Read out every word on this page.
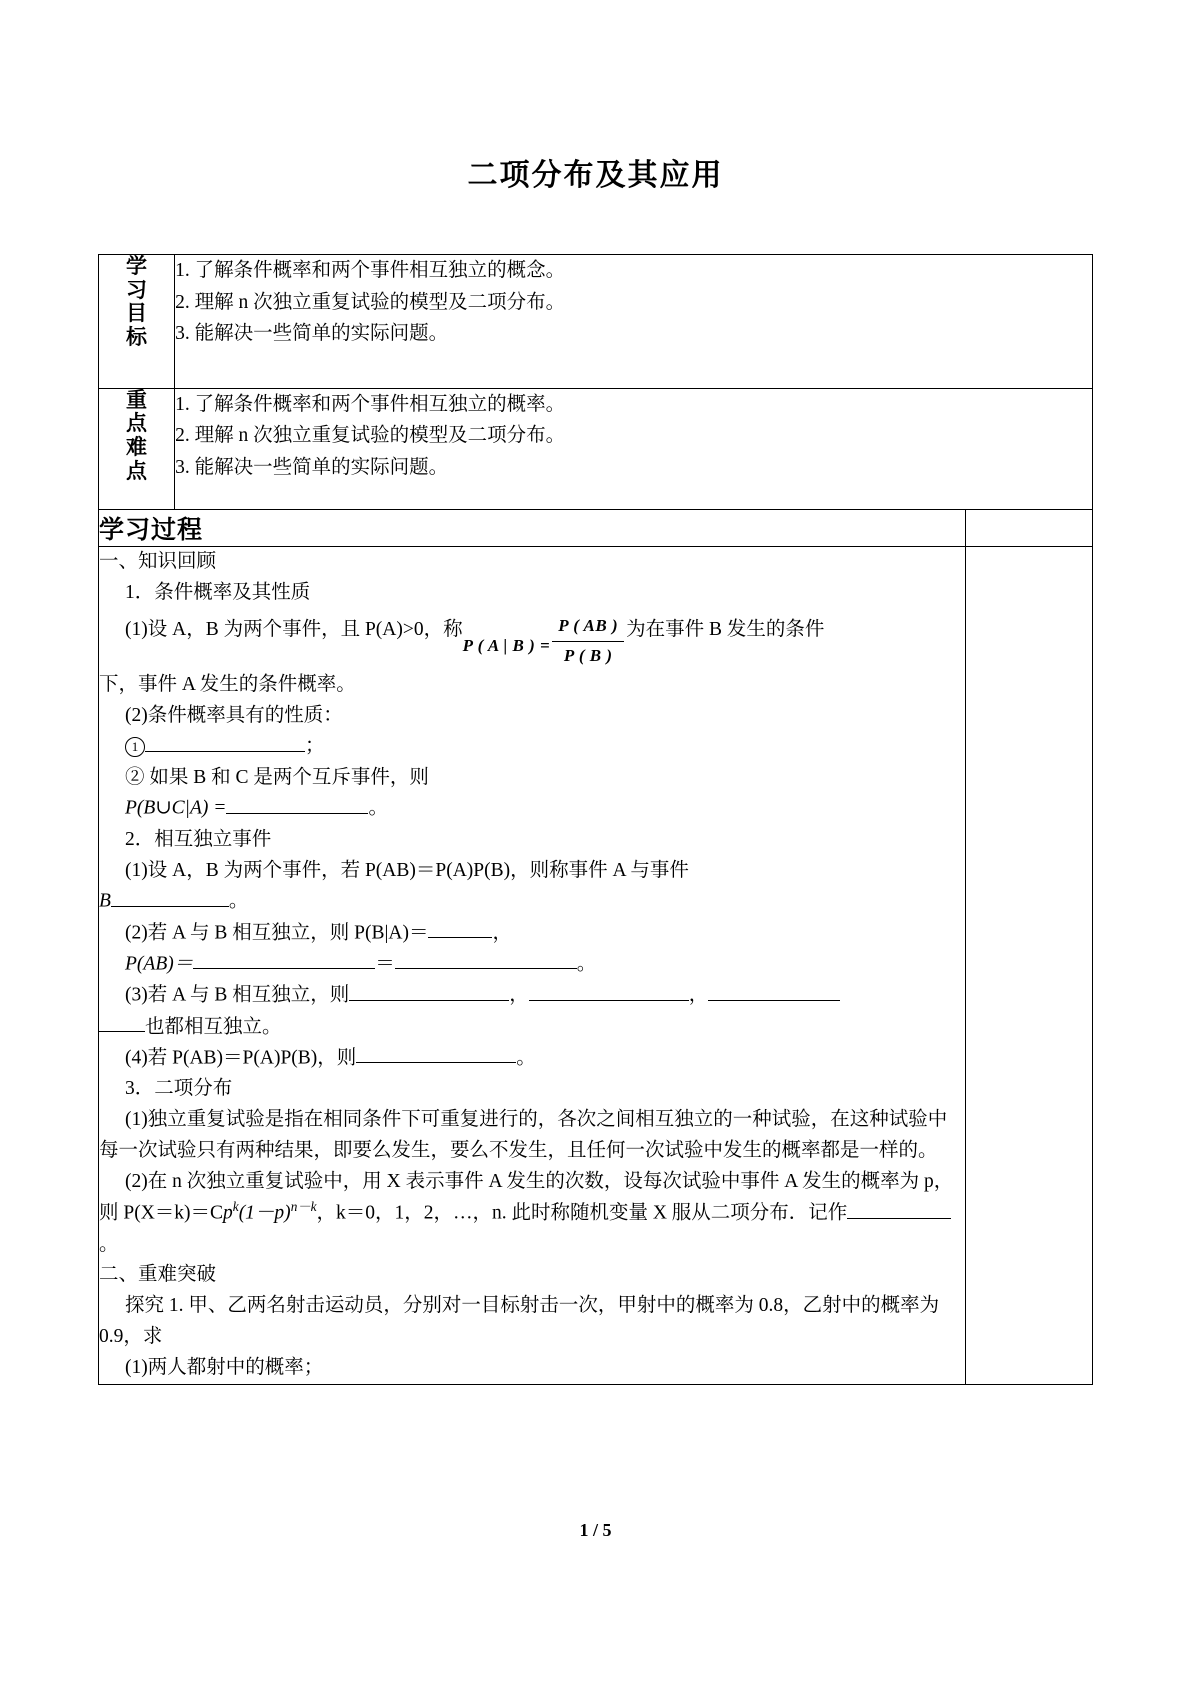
二项分布及其应用
学
习
目
标

1. 了解条件概率和两个事件相互独立的概念。
2. 理解 n 次独立重复试验的模型及二项分布。
3. 能解决一些简单的实际问题。

重
点
难
点

1. 了解条件概率和两个事件相互独立的概率。
2. 理解 n 次独立重复试验的模型及二项分布。
3. 能解决一些简单的实际问题。

学习过程		

一、知识回顾
1．条件概率及其性质
(1)设 A，B 为两个事件，且 P(A)>0，称P ( A | B ) = $\frac{P ( AB )}{P ( B )}$ 为在事件 B 发生的条件
下，事件 A 发生的条件概率。
(2)条件概率具有的性质：
1	；
② 如果 B 和 C 是两个互斥事件，则
P(B∪C|A) =	。
2．相互独立事件
(1)设 A，B 为两个事件，若 P(AB)＝P(A)P(B)，则称事件 A 与事件
B	。
(2)若 A 与 B 相互独立，则 P(B|A)＝	，
P(AB)＝	＝	。
(3)若 A 与 B 相互独立，则	，	，
也都相互独立。
(4)若 P(AB)＝P(A)P(B)，则	。
3．二项分布
(1)独立重复试验是指在相同条件下可重复进行的，各次之间相互独立的一种试验，在这种试验中每一次试验只有两种结果，即要么发生，要么不发生，且任何一次试验中发生的概率都是一样的。
(2)在 n 次独立重复试验中，用 X 表示事件 A 发生的次数，设每次试验中事件 A 发生的概率为 p，则 $P(X=k)=Cp^k(1-p)^{n-k}$，k＝0，1，2，…，n. 此时称随机变量 X 服从二项分布．记作。
二、重难突破
探究 1. 甲、乙两名射击运动员，分别对一目标射击一次，甲射中的概率为 0.8，乙射中的概率为 0.9，求
(1)两人都射中的概率；

1 / 5
